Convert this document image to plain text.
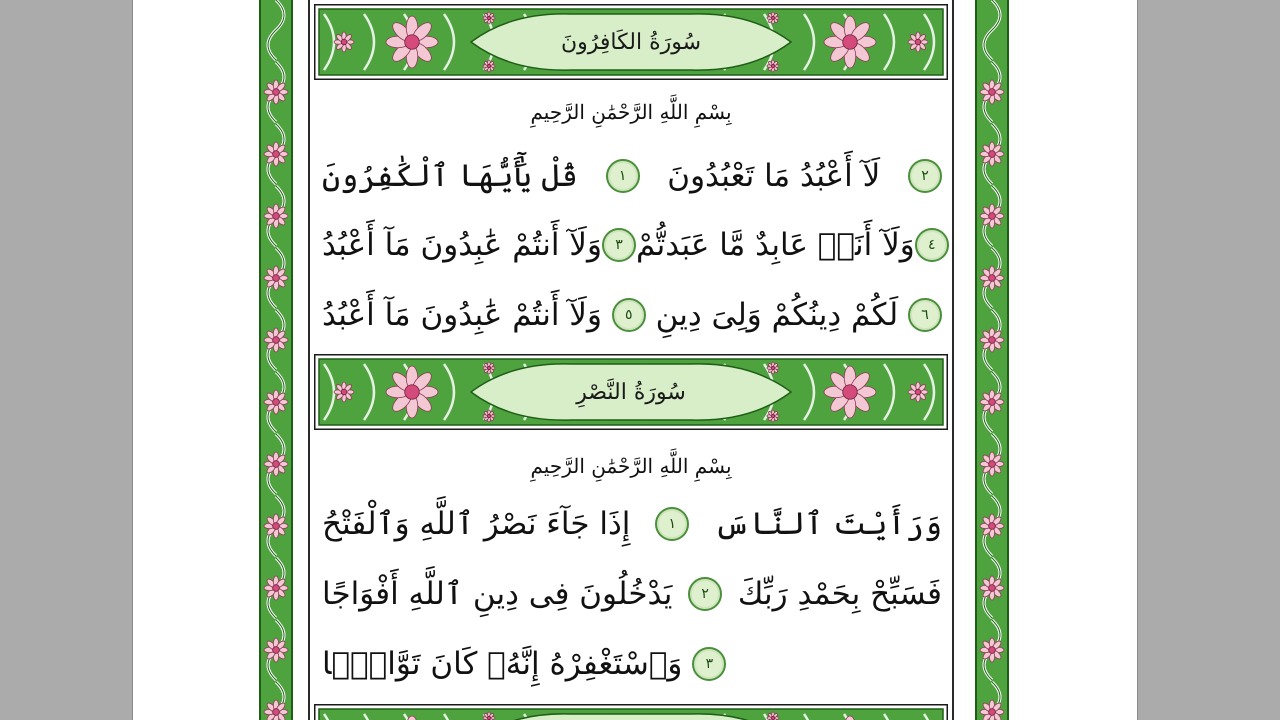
سُورَةُ الكَافِرُونَ
بِسْمِ اللَّهِ الرَّحْمَٰنِ الرَّحِيمِ
قُلْ يَٰٓأَيُّهَا ٱلْكَٰفِرُونَ	١	لَآ أَعْبُدُ مَا تَعْبُدُونَ	٢
وَلَآ أَنتُمْ عَٰبِدُونَ مَآ أَعْبُدُ ٣ وَلَآ أَنَا۠ عَابِدٌ مَّا عَبَدتُّمْ ٤
وَلَآ أَنتُمْ عَٰبِدُونَ مَآ أَعْبُدُ	٥ لَكُمْ دِينُكُمْ وَلِىَ دِينِ	٦
سُورَةُ النَّصْرِ
بِسْمِ اللَّهِ الرَّحْمَٰنِ الرَّحِيمِ
إِذَا جَآءَ نَصْرُ ٱللَّهِ وَٱلْفَتْحُ	١	وَرَأَيْتَ ٱلنَّاسَ
يَدْخُلُونَ فِى دِينِ ٱللَّهِ أَفْوَاجًا	٢ فَسَبِّحْ بِحَمْدِ رَبِّكَ
وَٱسْتَغْفِرْهُ إِنَّهُۥ كَانَ تَوَّابًۢا	٣
